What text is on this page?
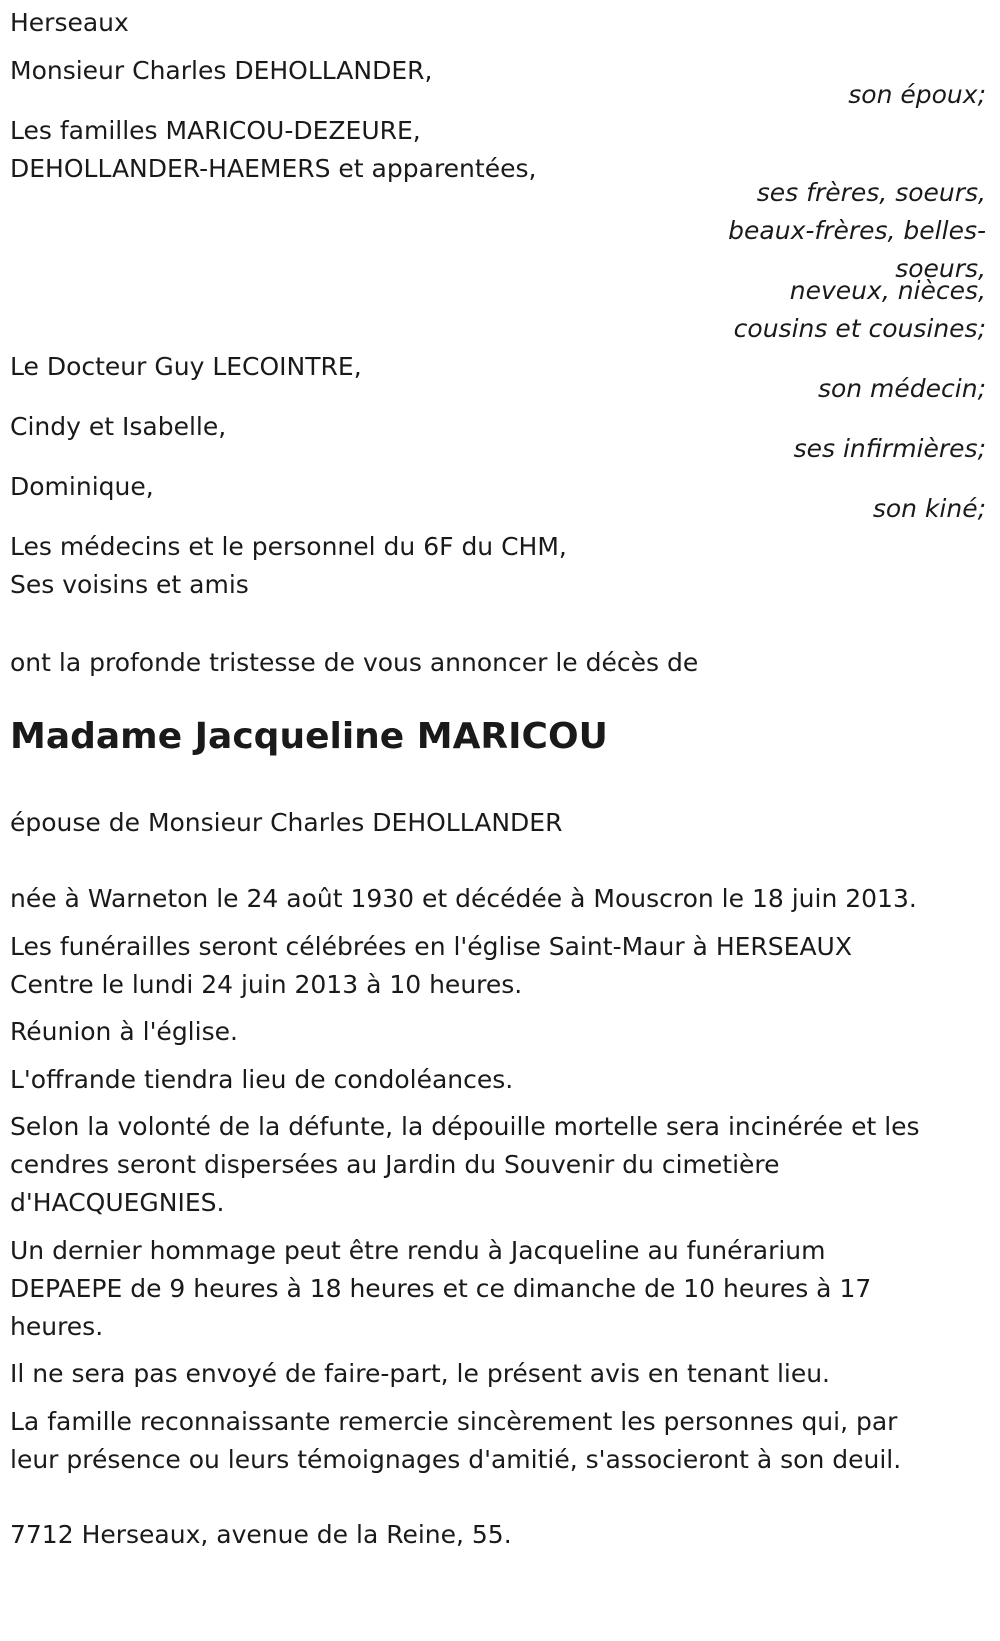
Herseaux
Monsieur Charles DEHOLLANDER,
son époux;
Les familles MARICOU-DEZEURE,
DEHOLLANDER-HAEMERS et apparentées,
ses frères, soeurs,
beaux-frères, belles-
soeurs,
neveux, nièces,
cousins et cousines;
Le Docteur Guy LECOINTRE,
son médecin;
Cindy et Isabelle,
ses infirmières;
Dominique,
son kiné;
Les médecins et le personnel du 6F du CHM,
Ses voisins et amis
ont la profonde tristesse de vous annoncer le décès de
Madame Jacqueline MARICOU
épouse de Monsieur Charles DEHOLLANDER
née à Warneton le 24 août 1930 et décédée à Mouscron le 18 juin 2013.
Les funérailles seront célébrées en l'église Saint-Maur à HERSEAUX
Centre le lundi 24 juin 2013 à 10 heures.
Réunion à l'église.
L'offrande tiendra lieu de condoléances.
Selon la volonté de la défunte, la dépouille mortelle sera incinérée et les
cendres seront dispersées au Jardin du Souvenir du cimetière
d'HACQUEGNIES.
Un dernier hommage peut être rendu à Jacqueline au funérarium
DEPAEPE de 9 heures à 18 heures et ce dimanche de 10 heures à 17
heures.
Il ne sera pas envoyé de faire-part, le présent avis en tenant lieu.
La famille reconnaissante remercie sincèrement les personnes qui, par
leur présence ou leurs témoignages d'amitié, s'associeront à son deuil.
7712 Herseaux, avenue de la Reine, 55.
